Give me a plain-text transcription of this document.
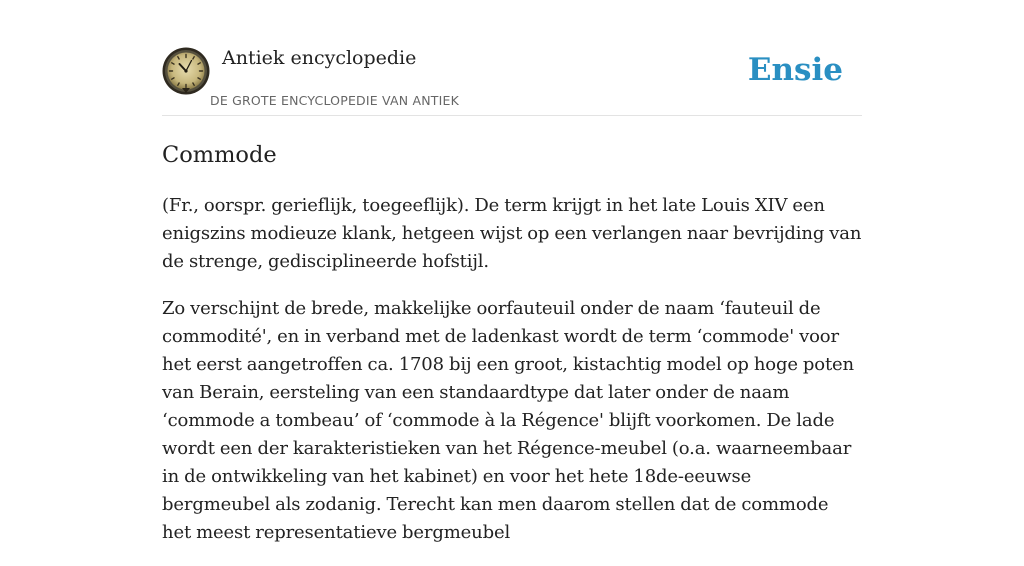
Antiek encyclopedie
DE GROTE ENCYCLOPEDIE VAN ANTIEK
Ensie
Commode

(Fr., oorspr. gerieflijk, toegeeflijk). De term krijgt in het late Louis XIV een enigszins modieuze klank, hetgeen wijst op een verlangen naar bevrijding van de strenge, gedisciplineerde hofstijl.

Zo verschijnt de brede, makkelijke oorfauteuil onder de naam ‘fauteuil de commodité', en in verband met de ladenkast wordt de term ‘commode' voor het eerst aangetroffen ca. 1708 bij een groot, kistachtig model op hoge poten van Berain, eersteling van een standaardtype dat later onder de naam ‘commode a tombeau’ of ‘commode à la Régence' blijft voorkomen. De lade wordt een der karakteristieken van het Régence-meubel (o.a. waarneembaar in de ontwikkeling van het kabinet) en voor het hete 18de-eeuwse bergmeubel als zodanig. Terecht kan men daarom stellen dat de commode het meest representatieve bergmeubel
